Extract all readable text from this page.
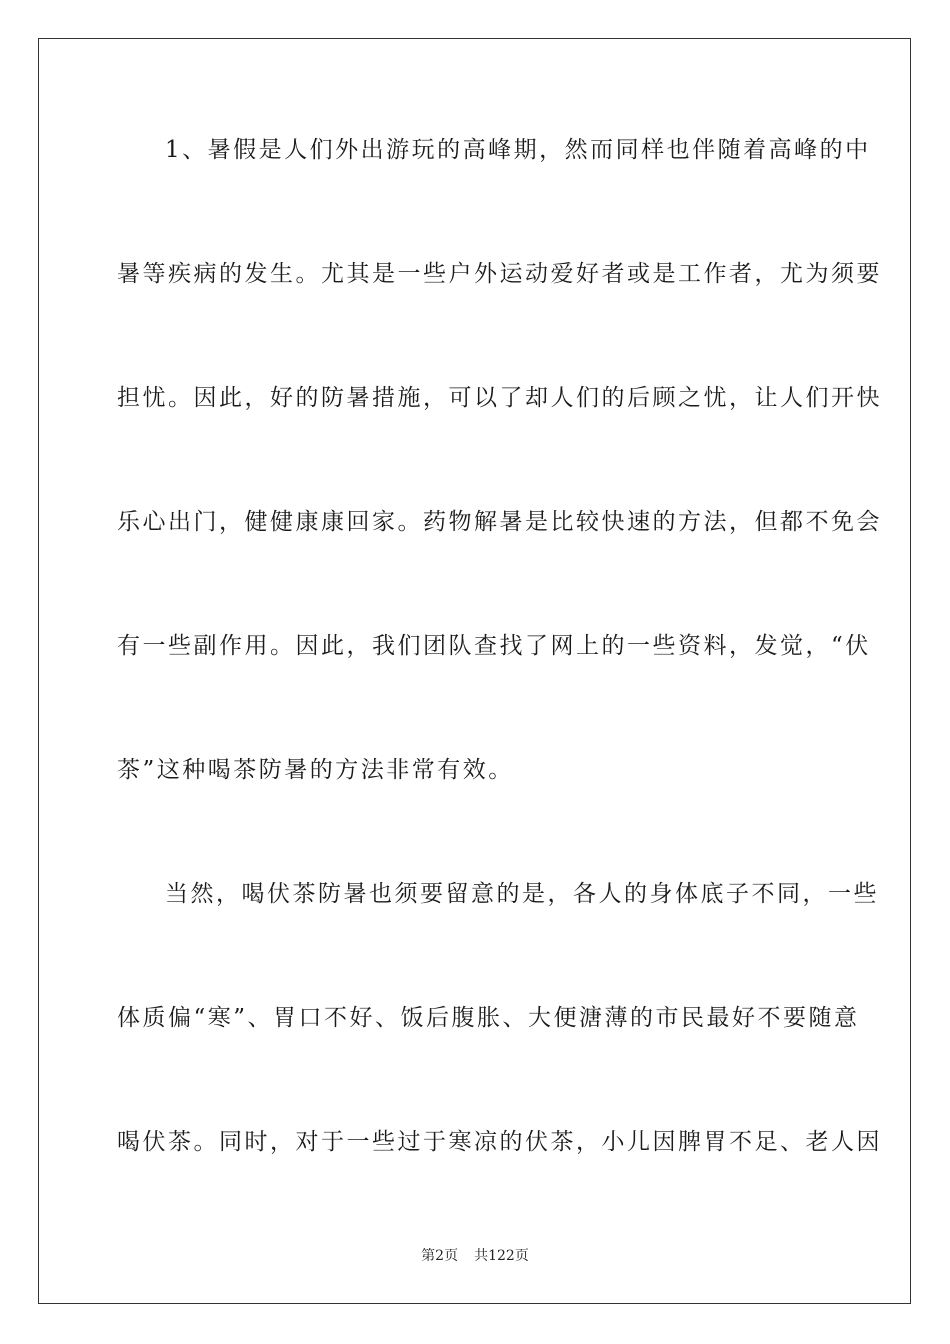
1、暑假是人们外出游玩的高峰期，然而同样也伴随着高峰的中
暑等疾病的发生。尤其是一些户外运动爱好者或是工作者，尤为须要
担忧。因此，好的防暑措施，可以了却人们的后顾之忧，让人们开快
乐心出门，健健康康回家。药物解暑是比较快速的方法，但都不免会
有一些副作用。因此，我们团队查找了网上的一些资料，发觉，“伏
茶”这种喝茶防暑的方法非常有效。
当然，喝伏茶防暑也须要留意的是，各人的身体底子不同，一些
体质偏“寒”、胃口不好、饭后腹胀、大便溏薄的市民最好不要随意
喝伏茶。同时，对于一些过于寒凉的伏茶，小儿因脾胃不足、老人因
第2页 共122页
